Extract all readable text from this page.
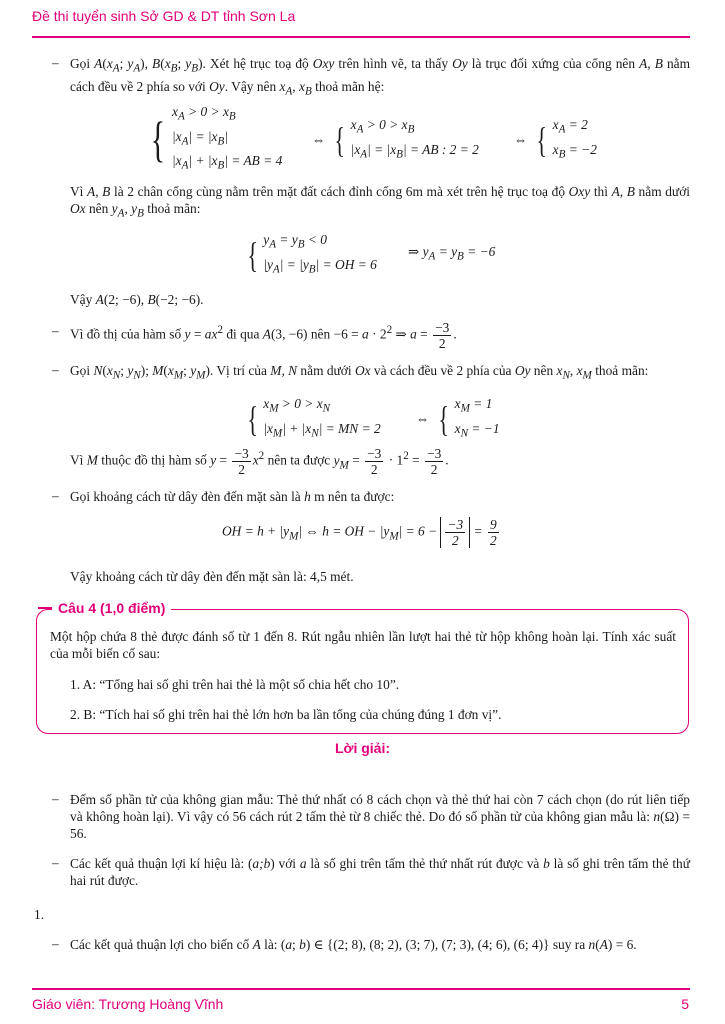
Đề thi tuyển sinh Sở GD & DT tỉnh Sơn La
– Gọi $A(x_A$; $y_A$), $B(x_B$; $y_B$). Xét hệ trục toạ độ Oxy trên hình vẽ, ta thấy Oy là trục đối xứng của cổng nên A, B nằm cách đều về 2 phía so với Oy. Vậy nên $x_A$, $x_B$ thoả mãn hệ:
{ $x_A > 0 > x_B$
$|x_A| = |x_B|$
$|x_A| + |x_B|$ = AB = 4
⇔ { $x_A > 0 > x_B$
$|x_A| = |x_B|$ = AB : 2 = 2
⇔ { $x_A = 2$
$x_B = -2$
Vì A, B là 2 chân cổng cùng nằm trên mặt đất cách đỉnh cổng 6m mà xét trên hệ trục toạ độ Oxy thì A, B nằm dưới Ox nên $y_A$, $y_B$ thoả mãn:
{ $y_A = y_B < 0$
$|y_A| = |y_B|$ = OH = 6
⇒ $y_A = y_B = -6$
Vậy A(2; −6), B(−2; −6).
– Vì đồ thị của hàm số $y = ax^2$ đi qua A(3, −6) nên $-6 = a \cdot 2^2$ ⇒ $a = \frac{-3}{2}$ .
– Gọi $N(x_N$; $y_N$); $M(x_M$; $y_M$). Vị trí của M, N nằm dưới Ox và cách đều về 2 phía của Oy nên $x_N$, $x_M$ thoả mãn:
{ $x_M > 0 > x_N$
$|x_M| + |x_N|$ = MN = 2
⇔ { $x_M = 1$
$x_N = -1$
Vì M thuộc đồ thị hàm số $y = \frac{-3}{2} x^2$ nên ta được $y_M = \frac{-3}{2} \cdot 1^2 = \frac{-3}{2}$ .
– Gọi khoảng cách từ dây đèn đến mặt sàn là h m nên ta được:
OH = $h + |y_M|$ ⇔ h = OH − $|y_M| = 6 - \frac{-3}{2} = \frac{9}{2}$
Vậy khoảng cách từ dây đèn đến mặt sàn là: 4,5 mét.
Câu 4 (1,0 điểm)
Một hộp chứa 8 thẻ được đánh số từ 1 đến 8. Rút ngẫu nhiên lần lượt hai thẻ từ hộp không hoàn lại. Tính xác suất của mỗi biến cố sau:
1. A: “Tổng hai số ghi trên hai thẻ là một số chia hết cho 10”.
2. B: “Tích hai số ghi trên hai thẻ lớn hơn ba lần tổng của chúng đúng 1 đơn vị”.
Lời giải:
– Đếm số phần tử của không gian mẫu: Thẻ thứ nhất có 8 cách chọn và thẻ thứ hai còn 7 cách chọn (do rút liên tiếp và không hoàn lại). Vì vậy có 56 cách rút 2 tấm thẻ từ 8 chiếc thẻ. Do đó số phần tử của không gian mẫu là: n(Ω) = 56.
– Các kết quả thuận lợi kí hiệu là: (a;b) với a là số ghi trên tấm thẻ thứ nhất rút được và b là số ghi trên tấm thẻ thứ hai rút được.
1.
– Các kết quả thuận lợi cho biến cố A là: (a; b) ∈ {(2; 8), (8; 2), (3; 7), (7; 3), (4; 6), (6; 4)} suy ra n(A) = 6.
Giáo viên: Trương Hoàng Vĩnh	5
